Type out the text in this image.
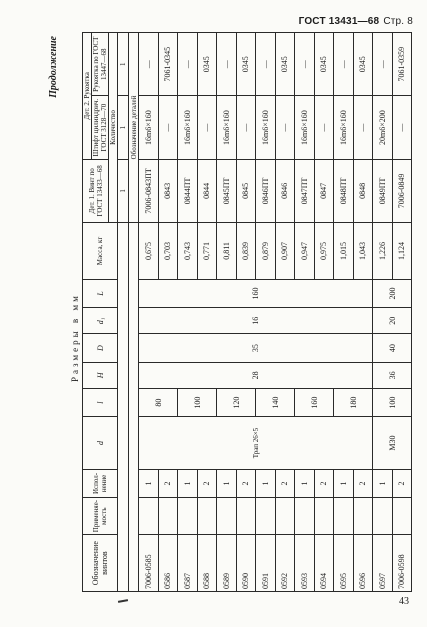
ГОСТ 13431—68 Стр. 8
Продолжение
Размеры в мм
Обозначение винтов	Применяе-мость	Испол-нение	d	l	H	D	d₁	L	Масса, кг	Дет. 1. Винт по ГОСТ 13433—68	Дет. 2. Рукоятка	
											Штифт цилиндрич. ГОСТ 3128—70	Рукоятка по ГОСТ 13447—68
										Количество		
										1	1	1
										Обозначение деталей		
7006-0585		1	Трап 26×5	80	28	35	16	160	0,675	7006-0843ПТ	16m6×160	—
0586		2							0,703	0843	—	7061-0345
0587		1		100					0,743	0844ПТ	16m6×160	—
0588		2							0,771	0844	—	0345
0589		1		120					0,811	0845ПТ	16m6×160	—
0590		2							0,839	0845	—	0345
0591		1		140					0,879	0846ПТ	16m6×160	—
0592		2							0,907	0846	—	0345
0593		1		160					0,947	0847ПТ	16m6×160	—
0594		2							0,975	0847	—	0345
0595		1		180					1,015	0848ПТ	16m6×160	—
0596		2							1,043	0848	—	0345
0597		1	М30	100	36	40	20	200	1,226	0849ПТ	20m6×200	—
7006-0598		2							1,124	7006-0849	—	7061-0359
43
